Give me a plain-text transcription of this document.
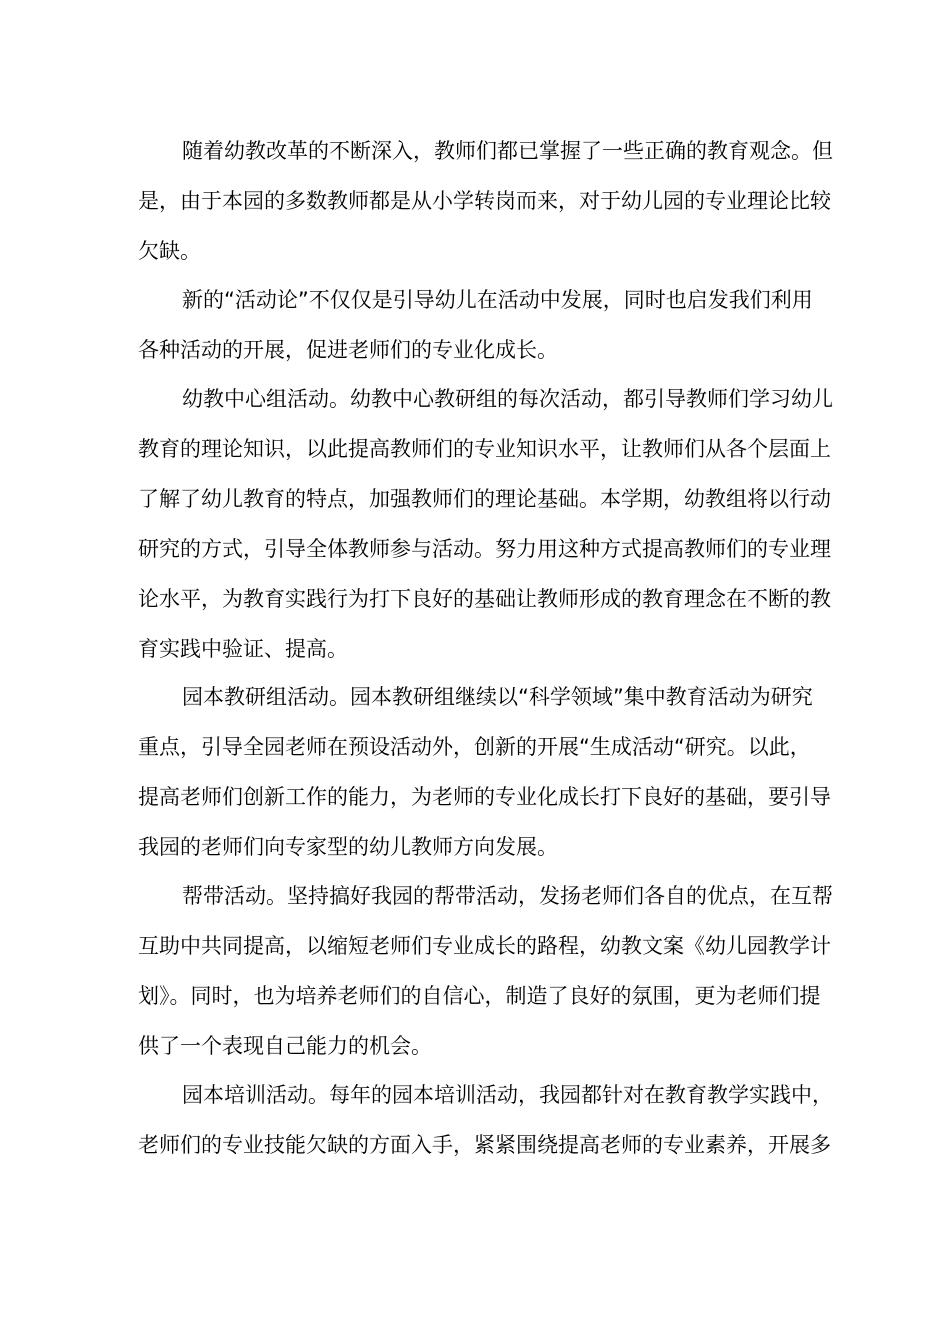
随着幼教改革的不断深入，教师们都已掌握了一些正确的教育观念。但
是，由于本园的多数教师都是从小学转岗而来，对于幼儿园的专业理论比较
欠缺。
新的“活动论”不仅仅是引导幼儿在活动中发展，同时也启发我们利用
各种活动的开展，促进老师们的专业化成长。
幼教中心组活动。幼教中心教研组的每次活动，都引导教师们学习幼儿
教育的理论知识，以此提高教师们的专业知识水平，让教师们从各个层面上
了解了幼儿教育的特点，加强教师们的理论基础。本学期，幼教组将以行动
研究的方式，引导全体教师参与活动。努力用这种方式提高教师们的专业理
论水平，为教育实践行为打下良好的基础让教师形成的教育理念在不断的教
育实践中验证、提高。
园本教研组活动。园本教研组继续以“科学领域”集中教育活动为研究
重点，引导全园老师在预设活动外，创新的开展“生成活动“研究。以此，
提高老师们创新工作的能力，为老师的专业化成长打下良好的基础，要引导
我园的老师们向专家型的幼儿教师方向发展。
帮带活动。坚持搞好我园的帮带活动，发扬老师们各自的优点，在互帮
互助中共同提高，以缩短老师们专业成长的路程，幼教文案《幼儿园教学计
划》。同时，也为培养老师们的自信心，制造了良好的氛围，更为老师们提
供了一个表现自己能力的机会。
园本培训活动。每年的园本培训活动，我园都针对在教育教学实践中，
老师们的专业技能欠缺的方面入手，紧紧围绕提高老师的专业素养，开展多
